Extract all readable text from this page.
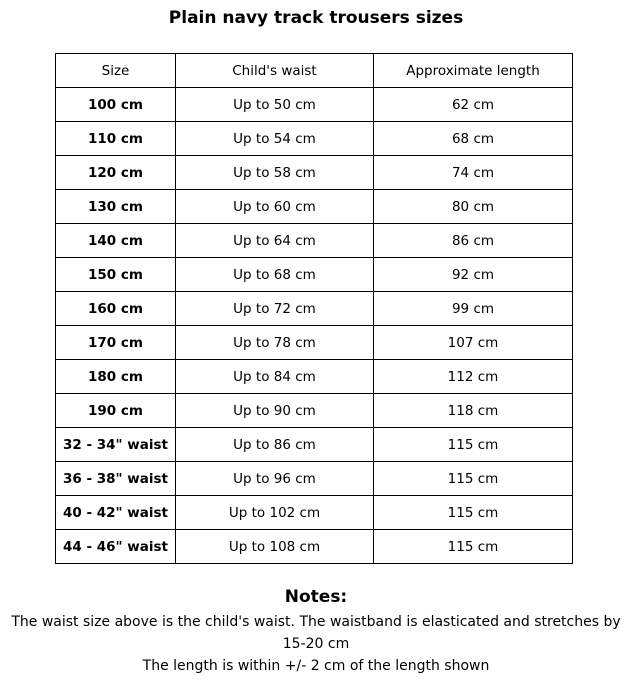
Plain navy track trousers sizes
Size	Child's waist	Approximate length
100 cm	Up to 50 cm	62 cm
110 cm	Up to 54 cm	68 cm
120 cm	Up to 58 cm	74 cm
130 cm	Up to 60 cm	80 cm
140 cm	Up to 64 cm	86 cm
150 cm	Up to 68 cm	92 cm
160 cm	Up to 72 cm	99 cm
170 cm	Up to 78 cm	107 cm
180 cm	Up to 84 cm	112 cm
190 cm	Up to 90 cm	118 cm
32 - 34" waist	Up to 86 cm	115 cm
36 - 38" waist	Up to 96 cm	115 cm
40 - 42" waist	Up to 102 cm	115 cm
44 - 46" waist	Up to 108 cm	115 cm
Notes:
The waist size above is the child's waist. The waistband is elasticated and stretches by 15-20 cm
The length is within +/- 2 cm of the length shown
